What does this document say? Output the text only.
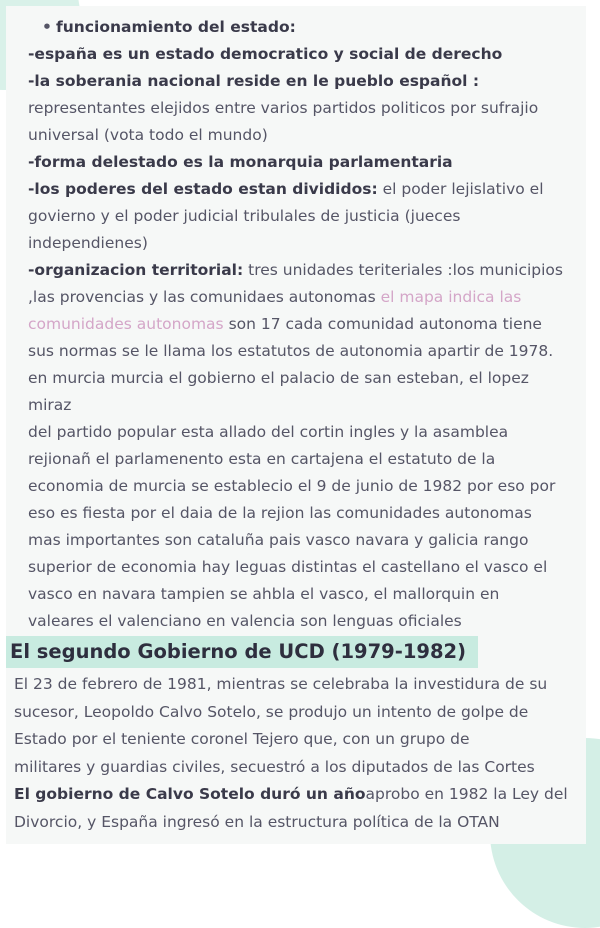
• funcionamiento del estado:

-españa es un estado democratico y social de derecho

-la soberania nacional reside en le pueblo español :

representantes elejidos entre varios partidos politicos por sufrajio

universal (vota todo el mundo)

-forma delestado es la monarquia parlamentaria

-los poderes del estado estan divididos: el poder lejislativo el

govierno y el poder judicial tribulales de justicia (jueces

independienes)

-organizacion territorial: tres unidades teriteriales :los municipios

,las provencias y las comunidaes autonomas el mapa indica las

comunidades autonomas son 17 cada comunidad autonoma tiene

sus normas se le llama los estatutos de autonomia apartir de 1978.

en murcia murcia el gobierno el palacio de san esteban, el lopez

miraz

del partido popular esta allado del cortin ingles y la asamblea

rejionañ el parlamenento esta en cartajena el estatuto de la

economia de murcia se establecio el 9 de junio de 1982 por eso por

eso es fiesta por el daia de la rejion las comunidades autonomas

mas importantes son cataluña pais vasco navara y galicia rango

superior de economia hay leguas distintas el castellano el vasco el

vasco en navara tampien se ahbla el vasco, el mallorquin en

valeares el valenciano en valencia son lenguas oficiales

El segundo Gobierno de UCD (1979-1982)

El 23 de febrero de 1981, mientras se celebraba la investidura de su

sucesor, Leopoldo Calvo Sotelo, se produjo un intento de golpe de

Estado por el teniente coronel Tejero que, con un grupo de

militares y guardias civiles, secuestró a los diputados de las Cortes

El gobierno de Calvo Sotelo duró un añoaprobo en 1982 la Ley del

Divorcio, y España ingresó en la estructura política de la OTAN
